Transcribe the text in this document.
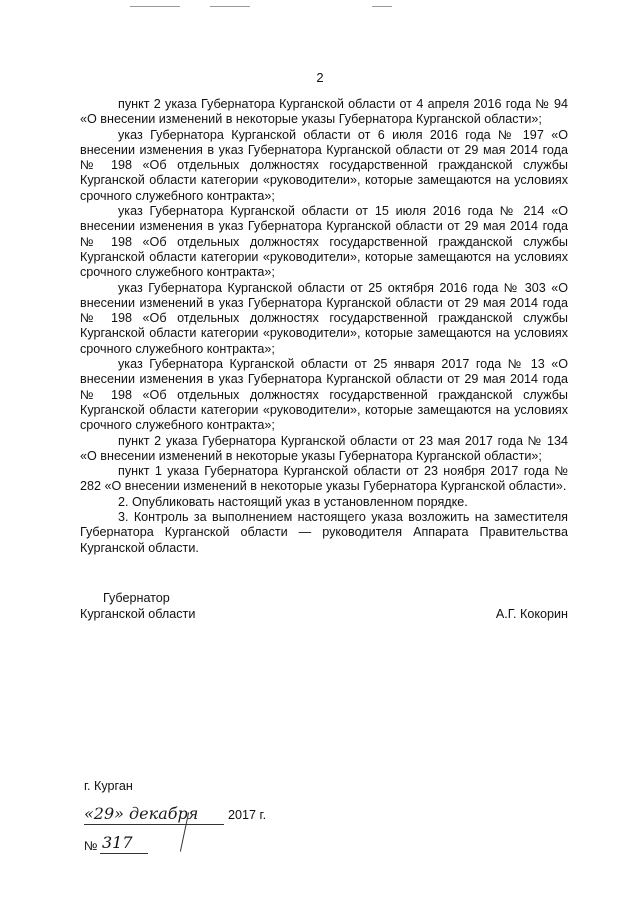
2

пункт 2 указа Губернатора Курганской области от 4 апреля 2016 года № 94 «О внесении изменений в некоторые указы Губернатора Курганской области»;

указ Губернатора Курганской области от 6 июля 2016 года № 197 «О внесении изменения в указ Губернатора Курганской области от 29 мая 2014 года № 198 «Об отдельных должностях государственной гражданской службы Курганской области категории «руководители», которые замещаются на условиях срочного служебного контракта»;

указ Губернатора Курганской области от 15 июля 2016 года № 214 «О внесении изменения в указ Губернатора Курганской области от 29 мая 2014 года № 198 «Об отдельных должностях государственной гражданской службы Курганской области категории «руководители», которые замещаются на условиях срочного служебного контракта»;

указ Губернатора Курганской области от 25 октября 2016 года № 303 «О внесении изменений в указ Губернатора Курганской области от 29 мая 2014 года № 198 «Об отдельных должностях государственной гражданской службы Курганской области категории «руководители», которые замещаются на условиях срочного служебного контракта»;

указ Губернатора Курганской области от 25 января 2017 года № 13 «О внесении изменения в указ Губернатора Курганской области от 29 мая 2014 года № 198 «Об отдельных должностях государственной гражданской службы Курганской области категории «руководители», которые замещаются на условиях срочного служебного контракта»;

пункт 2 указа Губернатора Курганской области от 23 мая 2017 года № 134 «О внесении изменений в некоторые указы Губернатора Курганской области»;

пункт 1 указа Губернатора Курганской области от 23 ноября 2017 года № 282 «О внесении изменений в некоторые указы Губернатора Курганской области».

2. Опубликовать настоящий указ в установленном порядке.

3. Контроль за выполнением настоящего указа возложить на заместителя Губернатора Курганской области — руководителя Аппарата Правительства Курганской области.

Губернатор
Курганской области	А.Г. Кокорин
г. Курган
«29» декабря 2017 г.
№ 317
